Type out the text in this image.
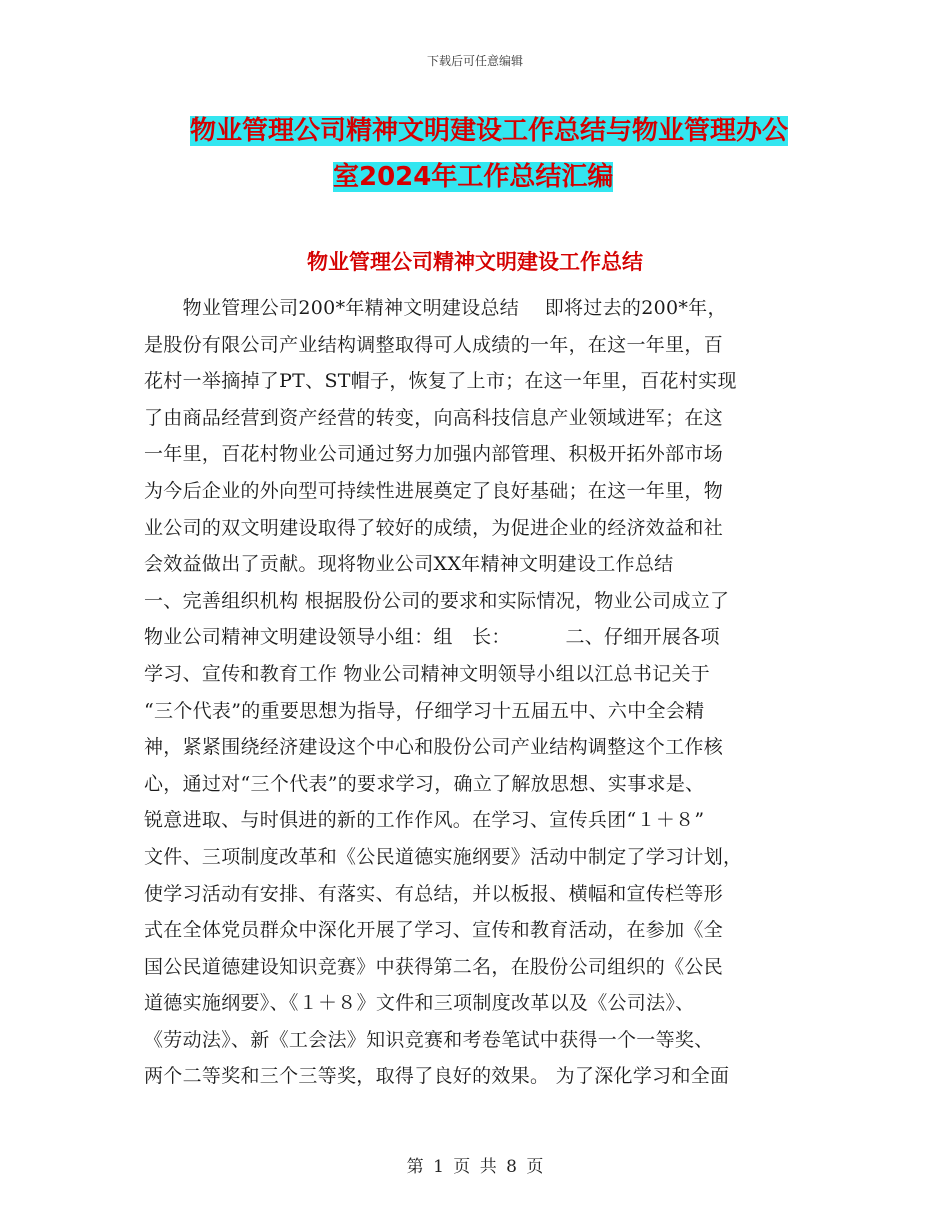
下载后可任意编辑
物业管理公司精神文明建设工作总结与物业管理办公
室2024年工作总结汇编
物业管理公司精神文明建设工作总结
　　物业管理公司200*年精神文明建设总结　 即将过去的200*年，
是股份有限公司产业结构调整取得可人成绩的一年，在这一年里，百
花村一举摘掉了PT、ST帽子，恢复了上市；在这一年里，百花村实现
了由商品经营到资产经营的转变，向高科技信息产业领域进军；在这
一年里，百花村物业公司通过努力加强内部管理、积极开拓外部市场
为今后企业的外向型可持续性进展奠定了良好基础；在这一年里，物
业公司的双文明建设取得了较好的成绩，为促进企业的经济效益和社
会效益做出了贡献。现将物业公司XX年精神文明建设工作总结
一、完善组织机构 根据股份公司的要求和实际情况，物业公司成立了
物业公司精神文明建设领导小组：组　长：　　　 二、仔细开展各项
学习、宣传和教育工作 物业公司精神文明领导小组以江总书记关于
“三个代表”的重要思想为指导，仔细学习十五届五中、六中全会精
神，紧紧围绕经济建设这个中心和股份公司产业结构调整这个工作核
心，通过对“三个代表”的要求学习，确立了解放思想、实事求是、
锐意进取、与时俱进的新的工作作风。在学习、宣传兵团“１＋８”
文件、三项制度改革和《公民道德实施纲要》活动中制定了学习计划，
使学习活动有安排、有落实、有总结，并以板报、横幅和宣传栏等形
式在全体党员群众中深化开展了学习、宣传和教育活动，在参加《全
国公民道德建设知识竞赛》中获得第二名，在股份公司组织的《公民
道德实施纲要》、《１＋８》文件和三项制度改革以及《公司法》、
《劳动法》、新《工会法》知识竞赛和考卷笔试中获得一个一等奖、
两个二等奖和三个三等奖，取得了良好的效果。 为了深化学习和全面
第 1 页 共 8 页
